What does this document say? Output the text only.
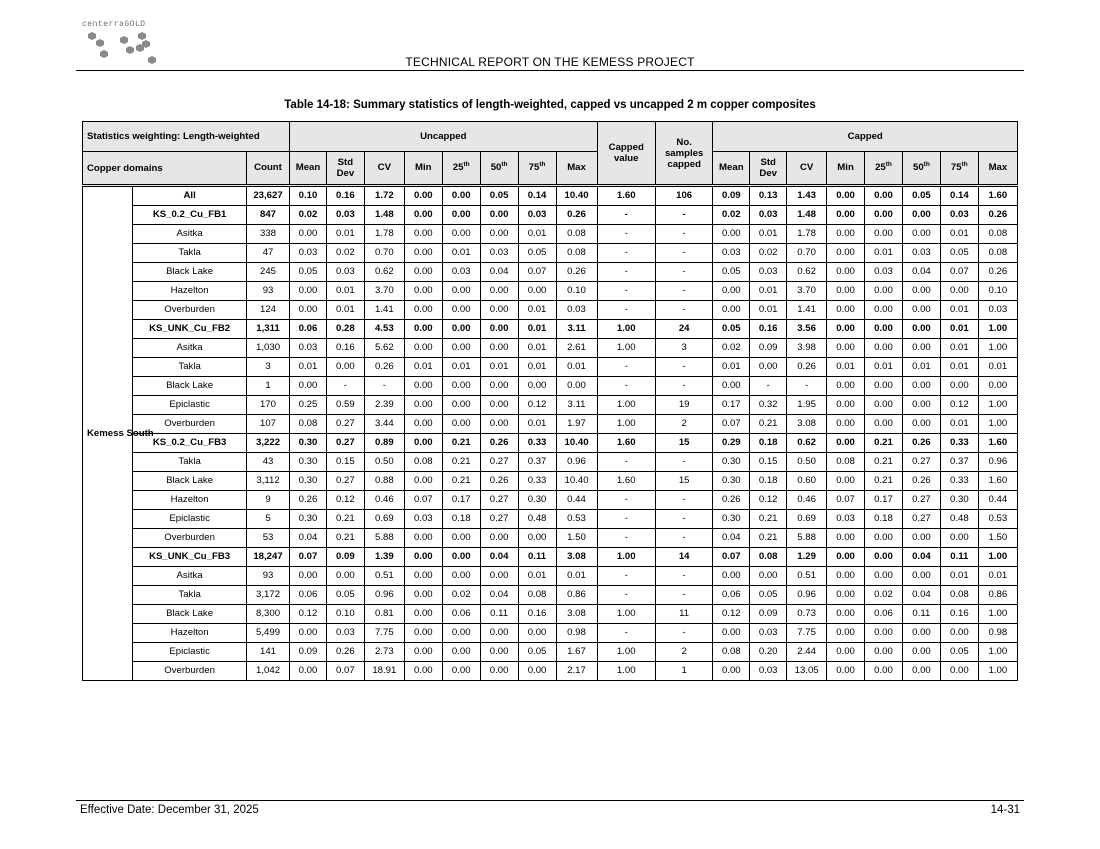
centerraGOLD
TECHNICAL REPORT ON THE KEMESS PROJECT
Table 14-18: Summary statistics of length-weighted, capped vs uncapped 2 m copper composites
Statistics weighting: Length-weighted			Uncapped								Capped value	No. samples capped	Capped							
Copper domains		Count	Mean	Std Dev	CV	Min	25th	50th	75th	Max			Mean	Std Dev	CV	Min	25th	50th	75th	Max
Kemess South	All	23,627	0.10	0.16	1.72	0.00	0.00	0.05	0.14	10.40	1.60	106	0.09	0.13	1.43	0.00	0.00	0.05	0.14	1.60
	KS_0.2_Cu_FB1	847	0.02	0.03	1.48	0.00	0.00	0.00	0.03	0.26	-	-	0.02	0.03	1.48	0.00	0.00	0.00	0.03	0.26
	Asitka	338	0.00	0.01	1.78	0.00	0.00	0.00	0.01	0.08	-	-	0.00	0.01	1.78	0.00	0.00	0.00	0.01	0.08
	Takla	47	0.03	0.02	0.70	0.00	0.01	0.03	0.05	0.08	-	-	0.03	0.02	0.70	0.00	0.01	0.03	0.05	0.08
	Black Lake	245	0.05	0.03	0.62	0.00	0.03	0.04	0.07	0.26	-	-	0.05	0.03	0.62	0.00	0.03	0.04	0.07	0.26
	Hazelton	93	0.00	0.01	3.70	0.00	0.00	0.00	0.00	0.10	-	-	0.00	0.01	3.70	0.00	0.00	0.00	0.00	0.10
	Overburden	124	0.00	0.01	1.41	0.00	0.00	0.00	0.01	0.03	-	-	0.00	0.01	1.41	0.00	0.00	0.00	0.01	0.03
	KS_UNK_Cu_FB2	1,311	0.06	0.28	4.53	0.00	0.00	0.00	0.01	3.11	1.00	24	0.05	0.16	3.56	0.00	0.00	0.00	0.01	1.00
	Asitka	1,030	0.03	0.16	5.62	0.00	0.00	0.00	0.01	2.61	1.00	3	0.02	0.09	3.98	0.00	0.00	0.00	0.01	1.00
	Takla	3	0.01	0.00	0.26	0.01	0.01	0.01	0.01	0.01	-	-	0.01	0.00	0.26	0.01	0.01	0.01	0.01	0.01
	Black Lake	1	0.00	-	-	0.00	0.00	0.00	0.00	0.00	-	-	0.00	-	-	0.00	0.00	0.00	0.00	0.00
	Epiclastic	170	0.25	0.59	2.39	0.00	0.00	0.00	0.12	3.11	1.00	19	0.17	0.32	1.95	0.00	0.00	0.00	0.12	1.00
	Overburden	107	0.08	0.27	3.44	0.00	0.00	0.00	0.01	1.97	1.00	2	0.07	0.21	3.08	0.00	0.00	0.00	0.01	1.00
	KS_0.2_Cu_FB3	3,222	0.30	0.27	0.89	0.00	0.21	0.26	0.33	10.40	1.60	15	0.29	0.18	0.62	0.00	0.21	0.26	0.33	1.60
	Takla	43	0.30	0.15	0.50	0.08	0.21	0.27	0.37	0.96	-	-	0.30	0.15	0.50	0.08	0.21	0.27	0.37	0.96
	Black Lake	3,112	0.30	0.27	0.88	0.00	0.21	0.26	0.33	10.40	1.60	15	0.30	0.18	0.60	0.00	0.21	0.26	0.33	1.60
	Hazelton	9	0.26	0.12	0.46	0.07	0.17	0.27	0.30	0.44	-	-	0.26	0.12	0.46	0.07	0.17	0.27	0.30	0.44
	Epiclastic	5	0.30	0.21	0.69	0.03	0.18	0.27	0.48	0.53	-	-	0.30	0.21	0.69	0.03	0.18	0.27	0.48	0.53
	Overburden	53	0.04	0.21	5.88	0.00	0.00	0.00	0.00	1.50	-	-	0.04	0.21	5.88	0.00	0.00	0.00	0.00	1.50
	KS_UNK_Cu_FB3	18,247	0.07	0.09	1.39	0.00	0.00	0.04	0.11	3.08	1.00	14	0.07	0.08	1.29	0.00	0.00	0.04	0.11	1.00
	Asitka	93	0.00	0.00	0.51	0.00	0.00	0.00	0.01	0.01	-	-	0.00	0.00	0.51	0.00	0.00	0.00	0.01	0.01
	Takla	3,172	0.06	0.05	0.96	0.00	0.02	0.04	0.08	0.86	-	-	0.06	0.05	0.96	0.00	0.02	0.04	0.08	0.86
	Black Lake	8,300	0.12	0.10	0.81	0.00	0.06	0.11	0.16	3.08	1.00	11	0.12	0.09	0.73	0.00	0.06	0.11	0.16	1.00
	Hazelton	5,499	0.00	0.03	7.75	0.00	0.00	0.00	0.00	0.98	-	-	0.00	0.03	7.75	0.00	0.00	0.00	0.00	0.98
	Epiclastic	141	0.09	0.26	2.73	0.00	0.00	0.00	0.05	1.67	1.00	2	0.08	0.20	2.44	0.00	0.00	0.00	0.05	1.00
	Overburden	1,042	0.00	0.07	18.91	0.00	0.00	0.00	0.00	2.17	1.00	1	0.00	0.03	13.05	0.00	0.00	0.00	0.00	1.00
Effective Date: December 31, 2025	14-31
